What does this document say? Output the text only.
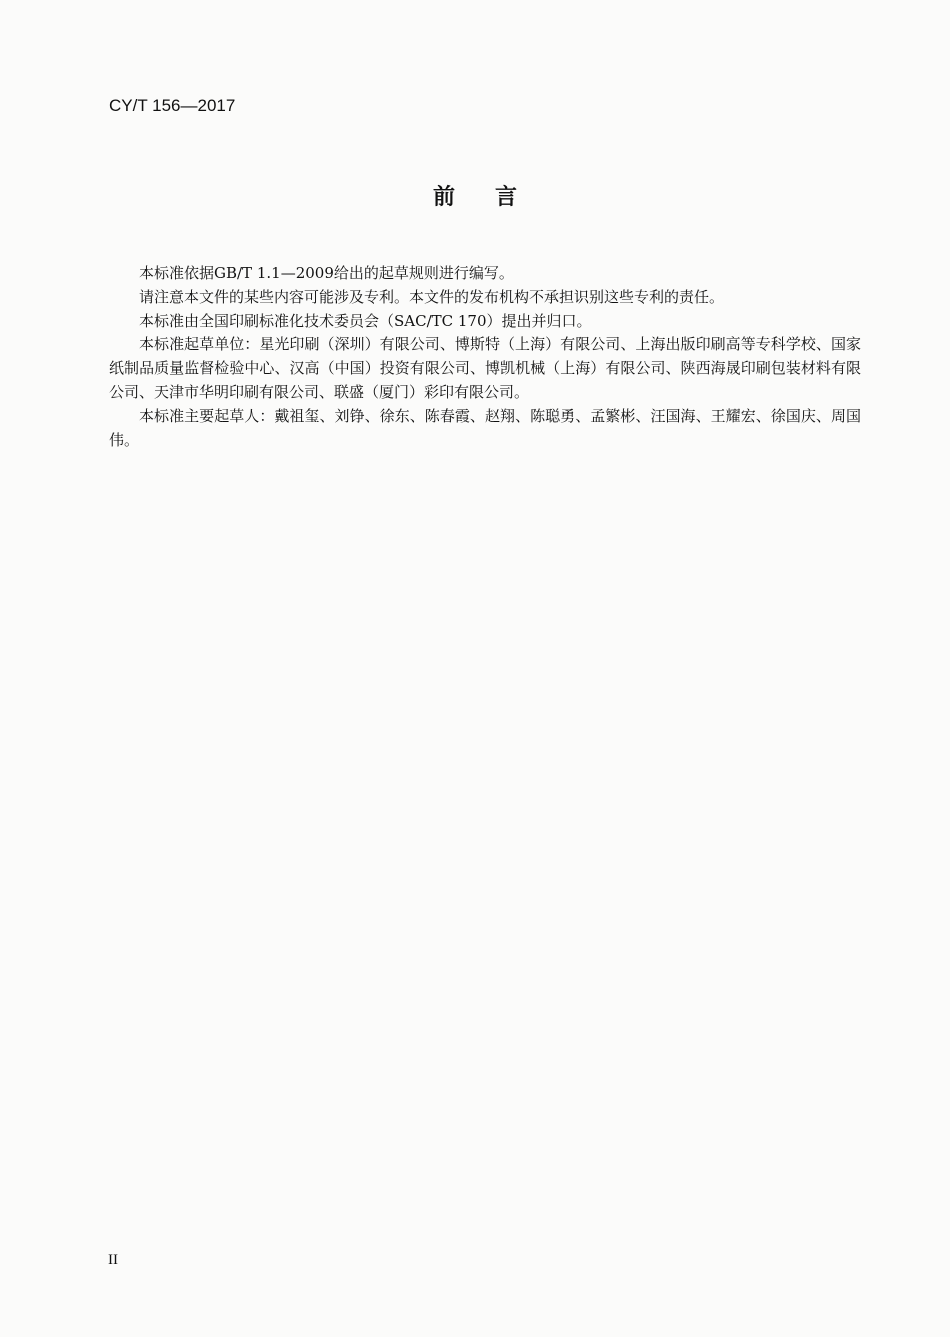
CY/T 156—2017
前言

本标准依据GB/T 1.1—2009给出的起草规则进行编写。

请注意本文件的某些内容可能涉及专利。本文件的发布机构不承担识别这些专利的责任。

本标准由全国印刷标准化技术委员会（SAC/TC 170）提出并归口。

本标准起草单位：星光印刷（深圳）有限公司、博斯特（上海）有限公司、上海出版印刷高等专科学校、国家纸制品质量监督检验中心、汉高（中国）投资有限公司、博凯机械（上海）有限公司、陕西海晟印刷包装材料有限公司、天津市华明印刷有限公司、联盛（厦门）彩印有限公司。

本标准主要起草人：戴祖玺、刘铮、徐东、陈春霞、赵翔、陈聪勇、孟繁彬、汪国海、王耀宏、徐国庆、周国伟。

II
